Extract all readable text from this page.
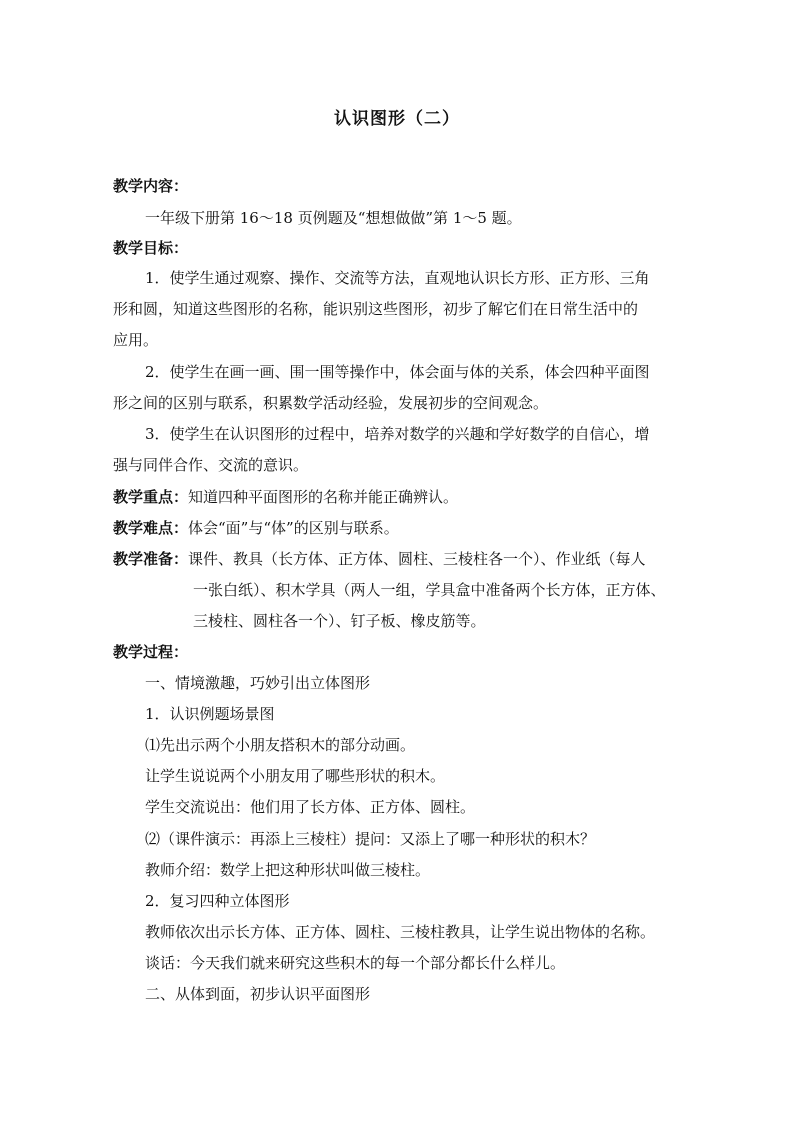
认识图形（二）
教学内容：
一年级下册第 16～18 页例题及“想想做做”第 1～5 题。
教学目标：
1．使学生通过观察、操作、交流等方法，直观地认识长方形、正方形、三角
形和圆，知道这些图形的名称，能识别这些图形，初步了解它们在日常生活中的
应用。
2．使学生在画一画、围一围等操作中，体会面与体的关系，体会四种平面图
形之间的区别与联系，积累数学活动经验，发展初步的空间观念。
3．使学生在认识图形的过程中，培养对数学的兴趣和学好数学的自信心，增
强与同伴合作、交流的意识。
教学重点：知道四种平面图形的名称并能正确辨认。
教学难点：体会“面”与“体”的区别与联系。
教学准备：课件、教具（长方体、正方体、圆柱、三棱柱各一个）、作业纸（每人
一张白纸）、积木学具（两人一组，学具盒中准备两个长方体，正方体、
三棱柱、圆柱各一个）、钉子板、橡皮筋等。
教学过程：
一、情境激趣，巧妙引出立体图形
1．认识例题场景图
⑴先出示两个小朋友搭积木的部分动画。
让学生说说两个小朋友用了哪些形状的积木。
学生交流说出：他们用了长方体、正方体、圆柱。
⑵（课件演示：再添上三棱柱）提问：又添上了哪一种形状的积木？
教师介绍：数学上把这种形状叫做三棱柱。
2．复习四种立体图形
教师依次出示长方体、正方体、圆柱、三棱柱教具，让学生说出物体的名称。
谈话：今天我们就来研究这些积木的每一个部分都长什么样儿。
二、从体到面，初步认识平面图形
